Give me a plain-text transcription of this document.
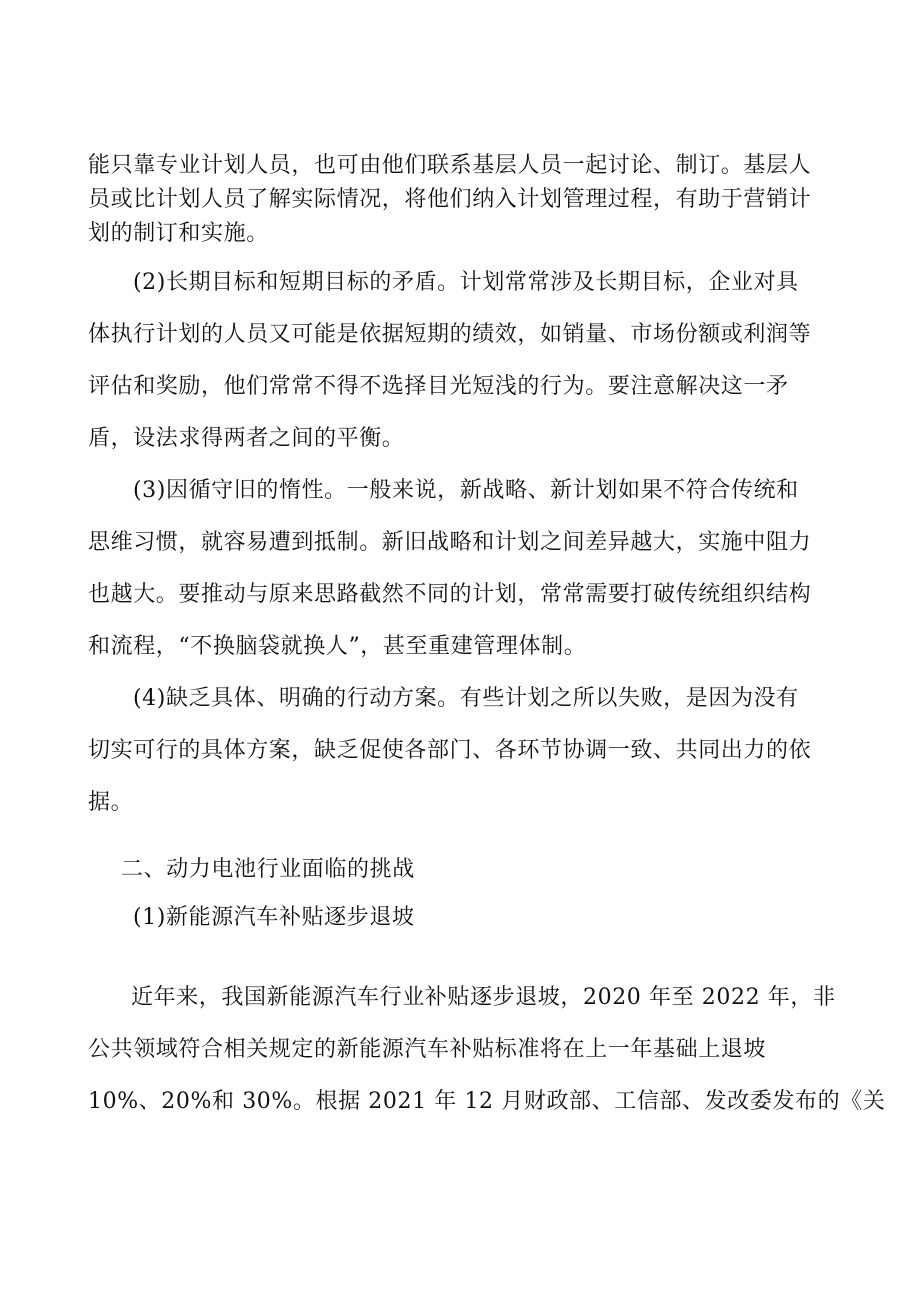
能只靠专业计划人员，也可由他们联系基层人员一起讨论、制订。基层人
员或比计划人员了解实际情况，将他们纳入计划管理过程，有助于营销计
划的制订和实施。
(2)长期目标和短期目标的矛盾。计划常常涉及长期目标，企业对具
体执行计划的人员又可能是依据短期的绩效，如销量、市场份额或利润等
评估和奖励，他们常常不得不选择目光短浅的行为。要注意解决这一矛
盾，设法求得两者之间的平衡。
(3)因循守旧的惰性。一般来说，新战略、新计划如果不符合传统和
思维习惯，就容易遭到抵制。新旧战略和计划之间差异越大，实施中阻力
也越大。要推动与原来思路截然不同的计划，常常需要打破传统组织结构
和流程，“不换脑袋就换人”，甚至重建管理体制。
(4)缺乏具体、明确的行动方案。有些计划之所以失败，是因为没有
切实可行的具体方案，缺乏促使各部门、各环节协调一致、共同出力的依
据。
二、动力电池行业面临的挑战
(1)新能源汽车补贴逐步退坡
近年来，我国新能源汽车行业补贴逐步退坡，2020 年至 2022 年，非
公共领域符合相关规定的新能源汽车补贴标准将在上一年基础上退坡
10%、20%和 30%。根据 2021 年 12 月财政部、工信部、发改委发布的《关
